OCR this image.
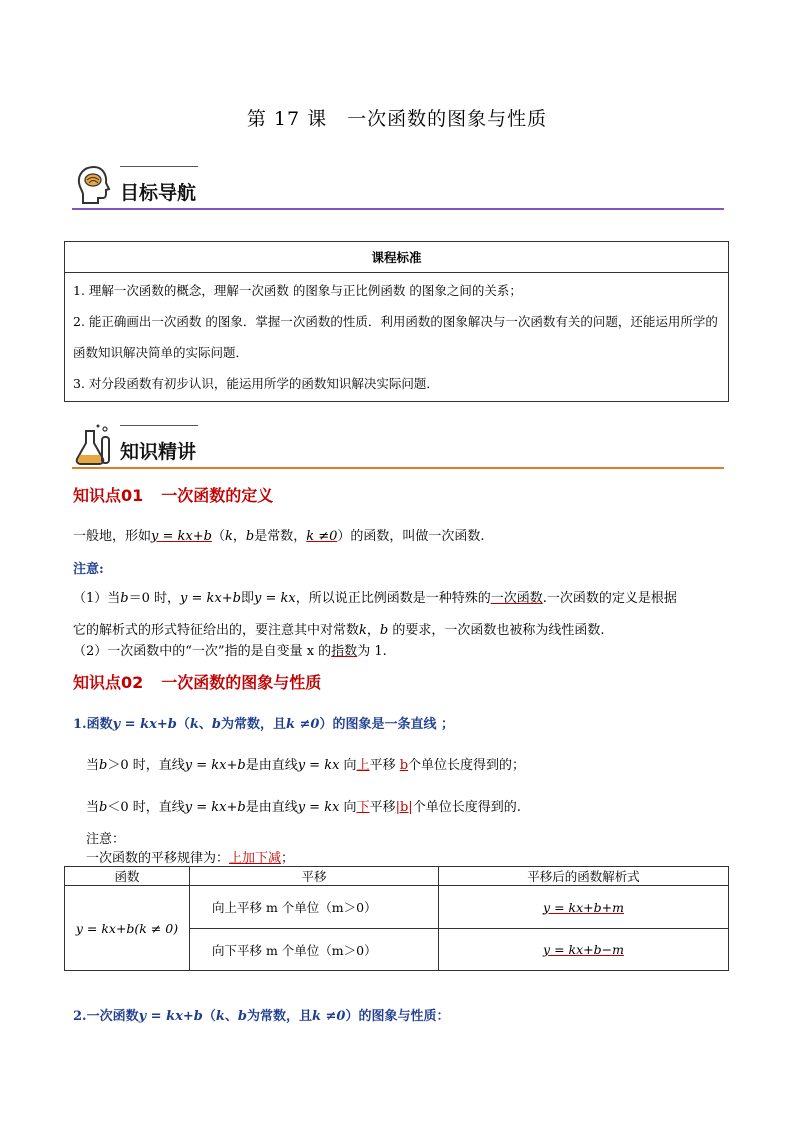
第 17 课　一次函数的图象与性质
目标导航
课程标准

1. 理解一次函数的概念，理解一次函数 的图象与正比例函数 的图象之间的关系；
2. 能正确画出一次函数 的图象．掌握一次函数的性质．利用函数的图象解决与一次函数有关的问题，还能运用所学的函数知识解决简单的实际问题．
3. 对分段函数有初步认识，能运用所学的函数知识解决实际问题．
知识精讲
知识点01 一次函数的定义
一般地，形如y = kx+b（k，b是常数，k ≠0）的函数，叫做一次函数.
注意:
（1）当b＝0 时，y = kx+b即y = kx，所以说正比例函数是一种特殊的一次函数.一次函数的定义是根据
它的解析式的形式特征给出的，要注意其中对常数k，b 的要求，一次函数也被称为线性函数.
（2）一次函数中的“一次”指的是自变量 x 的指数为 1.
知识点02 一次函数的图象与性质
1.函数y = kx+b（k、b为常数，且k ≠0）的图象是一条直线 ；
当b＞0 时，直线y = kx+b是由直线y = kx 向上平移 b个单位长度得到的；
当b＜0 时，直线y = kx+b是由直线y = kx 向下平移|b|个单位长度得到的.
注意：
一次函数的平移规律为：上加下减；
函数	平移	平移后的函数解析式
y = kx+b(k ≠ 0)	向上平移 m 个单位（m＞0）	y = kx+b+m
	向下平移 m 个单位（m＞0）	y = kx+b−m
2.一次函数y = kx+b（k、b为常数，且k ≠0）的图象与性质：
